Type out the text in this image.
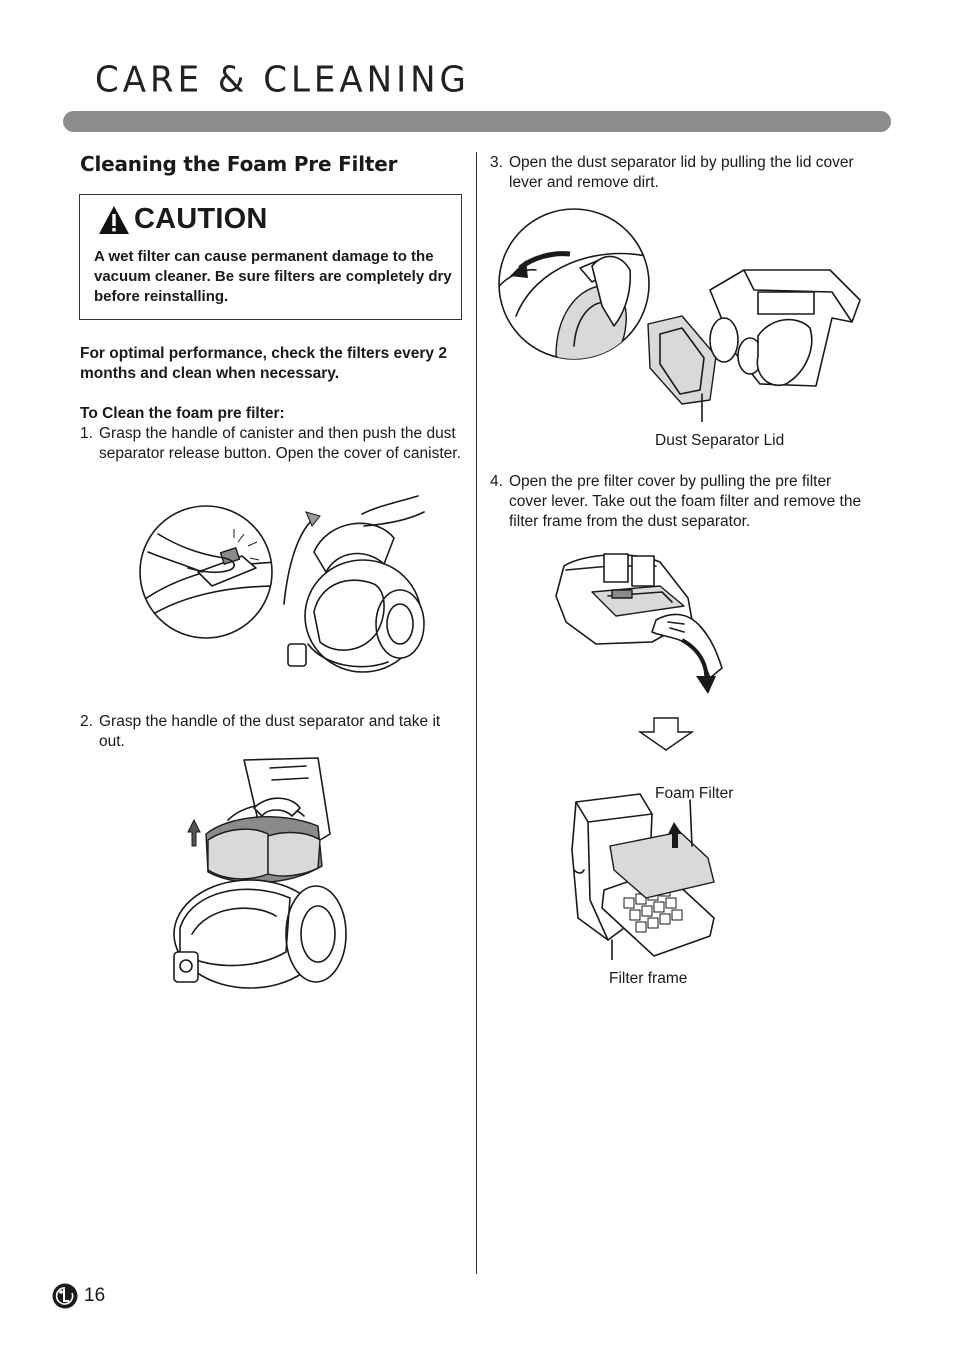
CARE & CLEANING
Cleaning the Foam Pre Filter
CAUTION

A wet filter can cause permanent damage to the vacuum cleaner. Be sure filters are completely dry before reinstalling.

For optimal performance, check the filters every 2 months and clean when necessary.

To Clean the foam pre filter:

1. Grasp the handle of canister and then push the dust separator release button. Open the cover of canister.
2. Grasp the handle of the dust separator and take it out.
3. Open the dust separator lid by pulling the lid cover lever and remove dirt.
Dust Separator Lid
4. Open the pre filter cover by pulling the pre filter cover lever. Take out the foam filter and remove the filter frame from the dust separator.
Foam Filter
Filter frame
16
